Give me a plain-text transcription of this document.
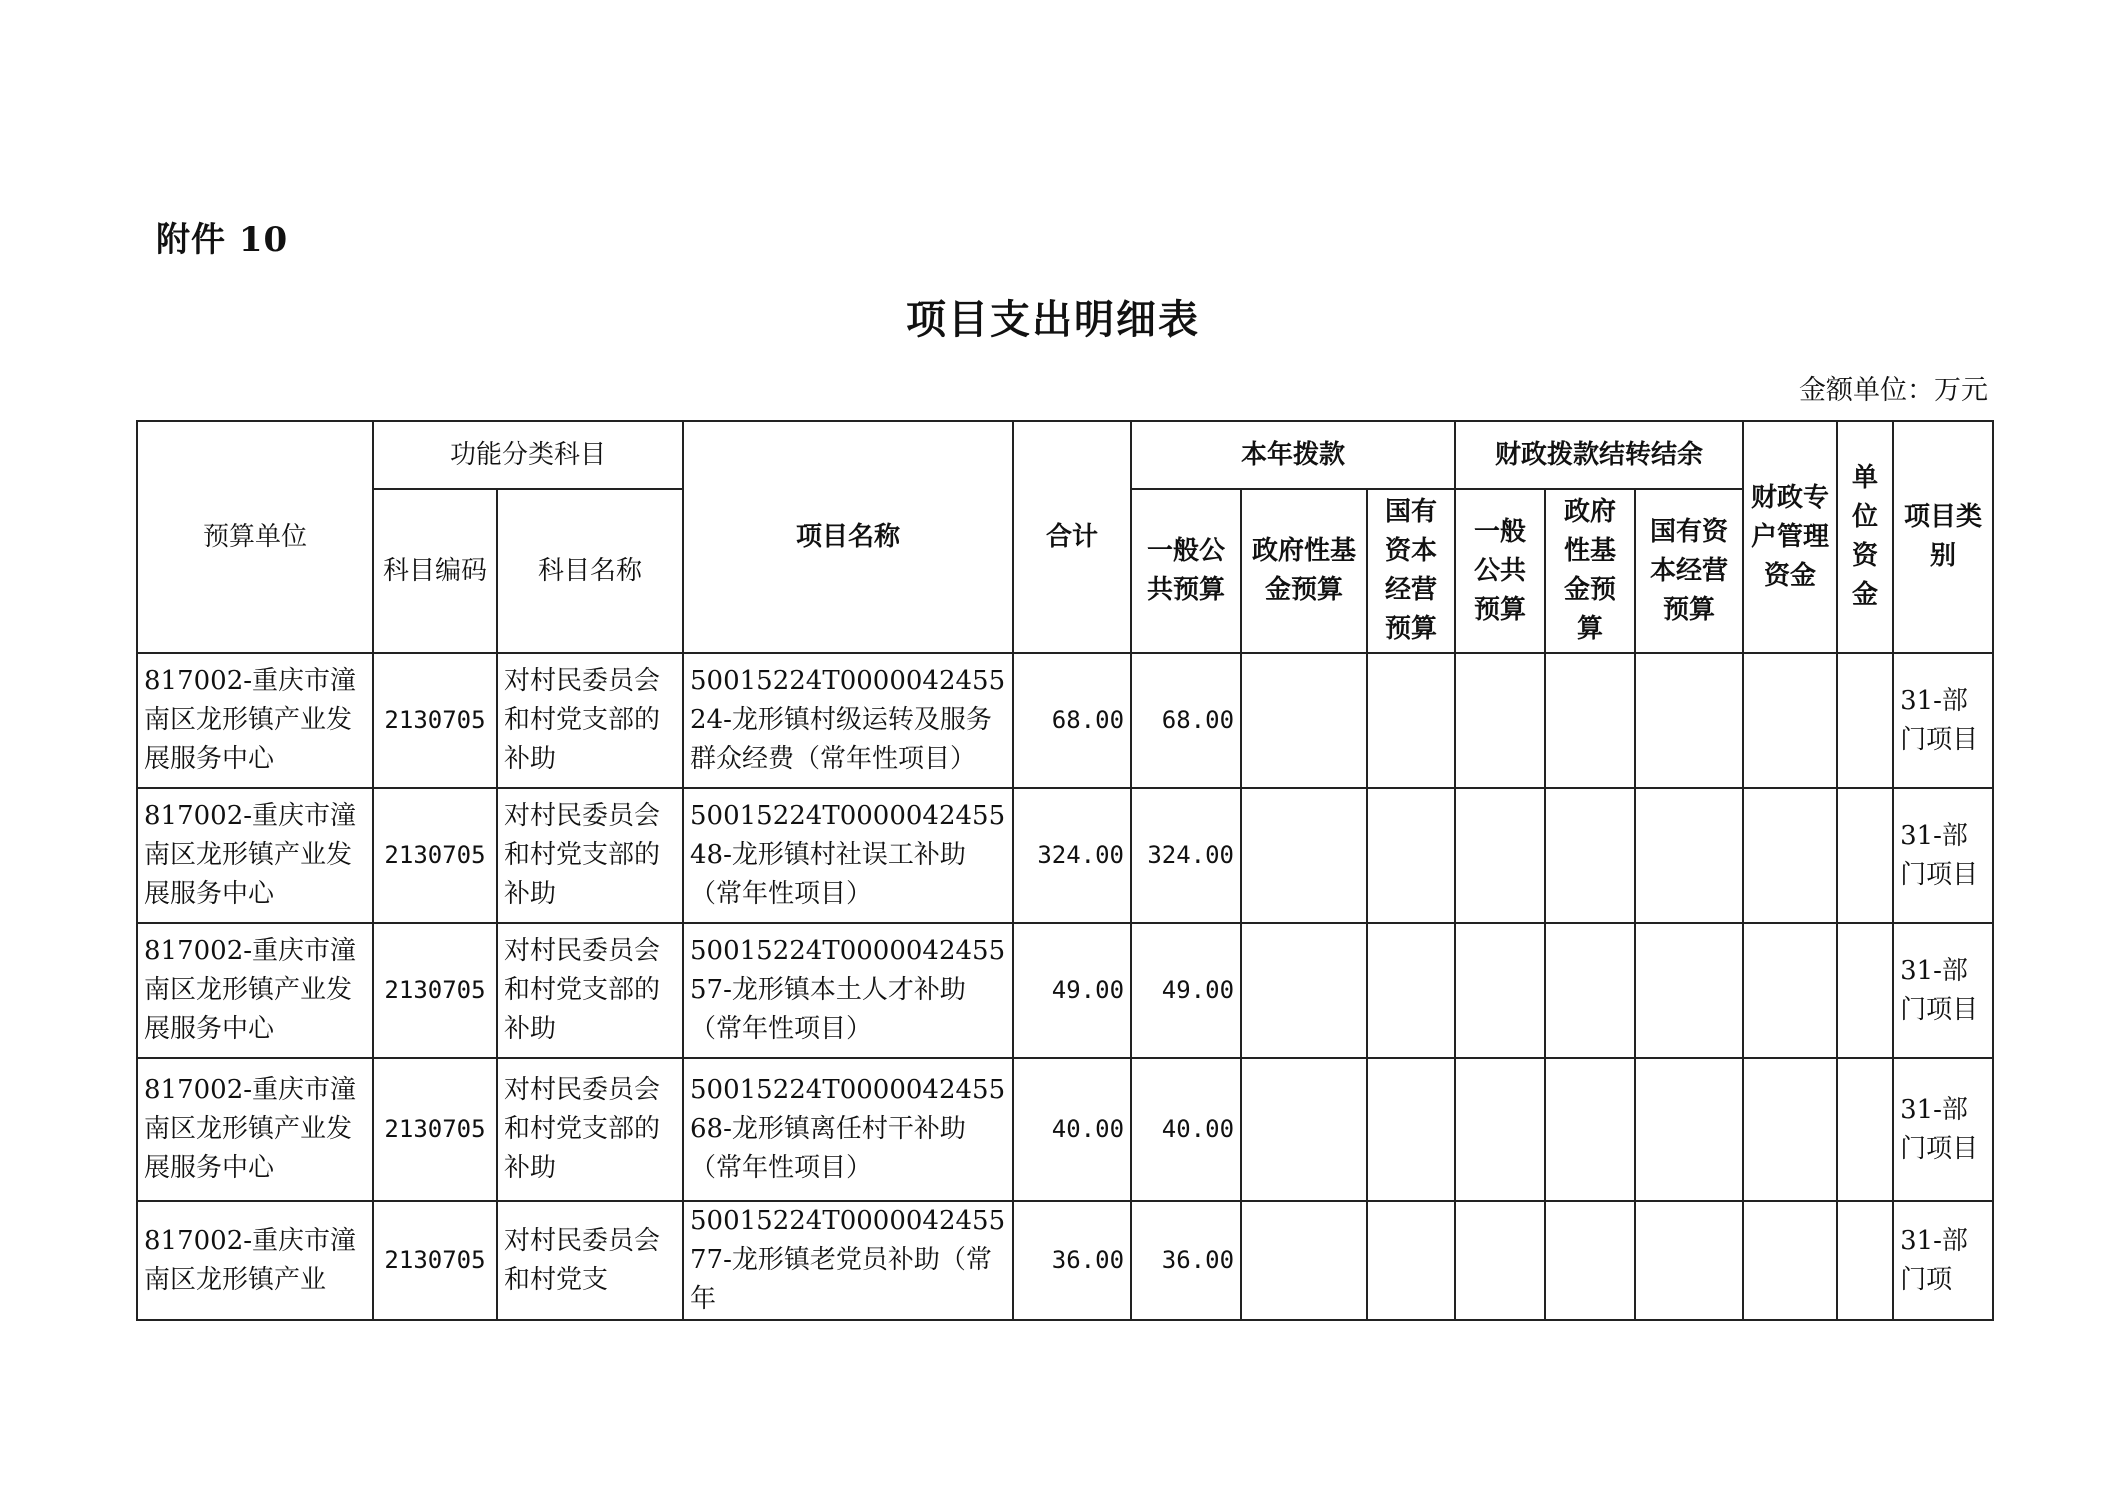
附件 10
项目支出明细表
金额单位：万元
预算单位	功能分类科目		项目名称	合计	本年拨款			财政拨款结转结余			财政专户管理资金	单位资金	项目类别
	科目编码	科目名称			一般公共预算	政府性基金预算	国有资本经营预算	一般公共预算	政府性基金预算	国有资本经营预算			
817002-重庆市潼南区龙形镇产业发展服务中心	2130705	对村民委员会和村党支部的补助	50015224T000004245524-龙形镇村级运转及服务群众经费（常年性项目）	68.00	68.00								31-部门项目
817002-重庆市潼南区龙形镇产业发展服务中心	2130705	对村民委员会和村党支部的补助	50015224T000004245548-龙形镇村社误工补助（常年性项目）	324.00	324.00								31-部门项目
817002-重庆市潼南区龙形镇产业发展服务中心	2130705	对村民委员会和村党支部的补助	50015224T000004245557-龙形镇本土人才补助（常年性项目）	49.00	49.00								31-部门项目
817002-重庆市潼南区龙形镇产业发展服务中心	2130705	对村民委员会和村党支部的补助	50015224T000004245568-龙形镇离任村干补助（常年性项目）	40.00	40.00								31-部门项目
817002-重庆市潼南区龙形镇产业	2130705	对村民委员会和村党支	50015224T000004245577-龙形镇老党员补助（常年	36.00	36.00								31-部门项
